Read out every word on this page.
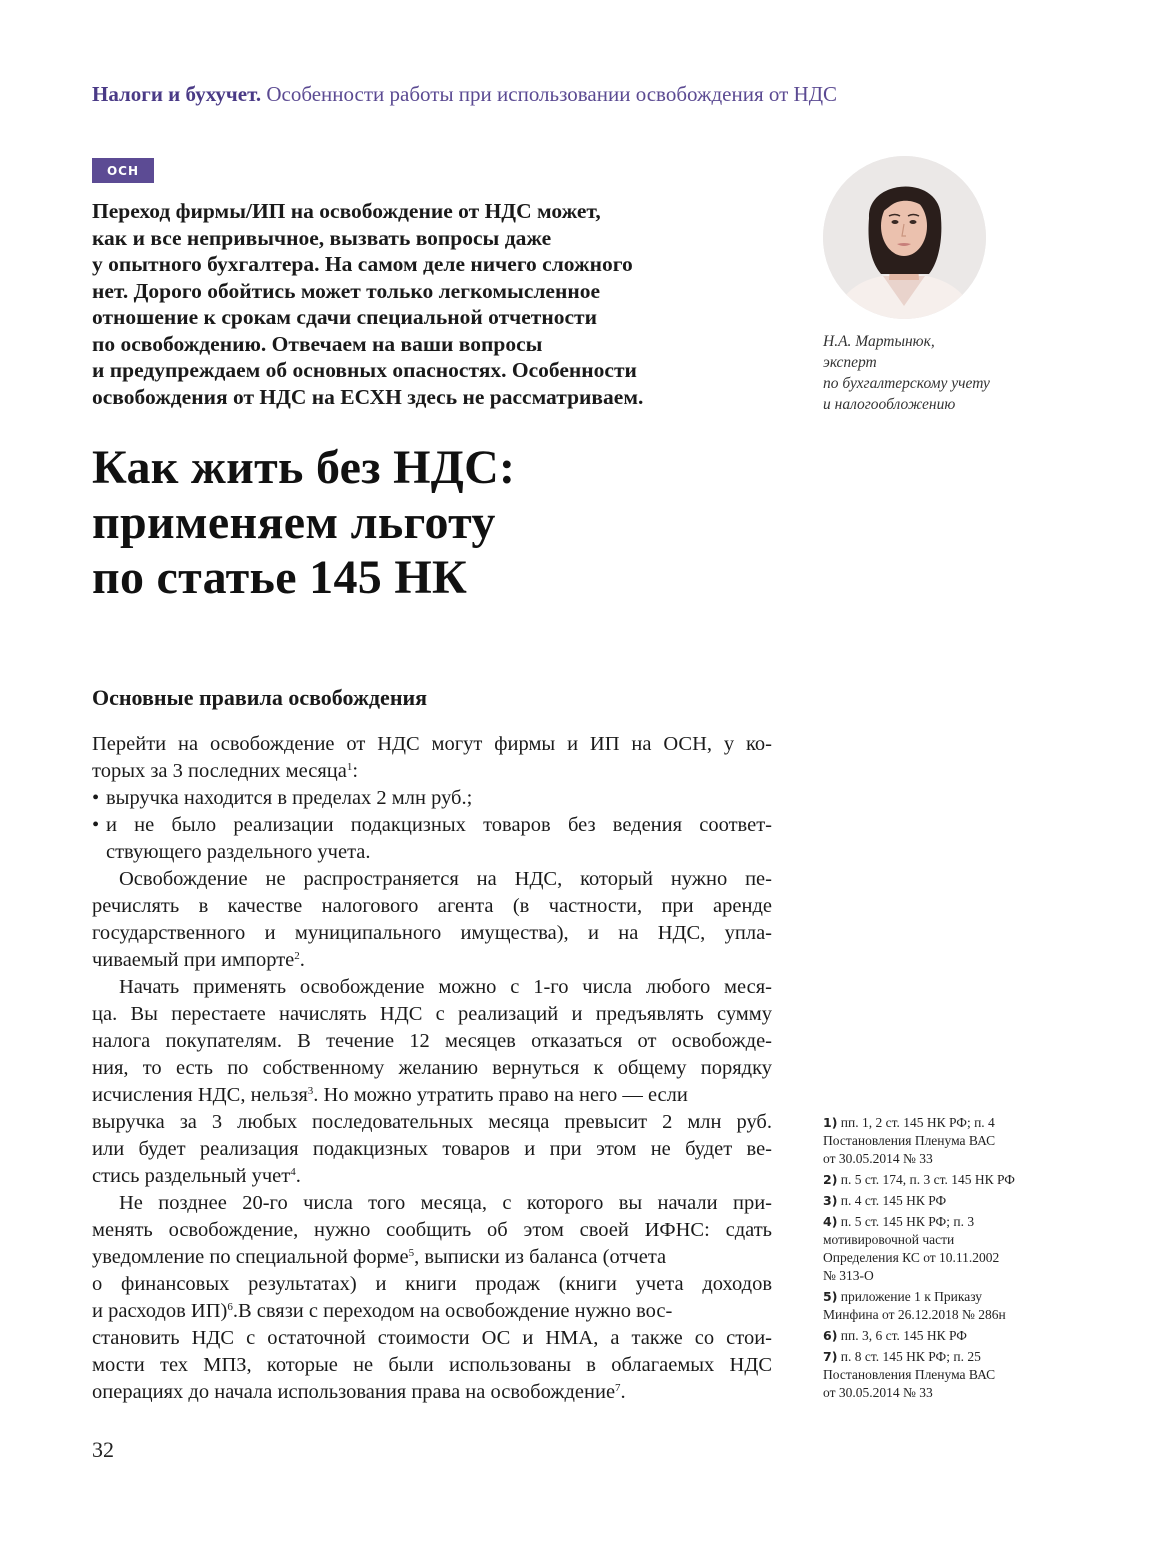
Налоги и бухучет. Особенности работы при использовании освобождения от НДС
ОСН
Переход фирмы/ИП на освобождение от НДС может,
как и все непривычное, вызвать вопросы даже
у опытного бухгалтера. На самом деле ничего сложного
нет. Дорого обойтись может только легкомысленное
отношение к срокам сдачи специальной отчетности
по освобождению. Отвечаем на ваши вопросы
и предупреждаем об основных опасностях. Особенности
освобождения от НДС на ЕСХН здесь не рассматриваем.
Н.А. Мартынюк,
эксперт
по бухгалтерскому учету
и налогообложению
Как жить без НДС:
применяем льготу
по статье 145 НК
Основные правила освобождения
Перейти на освобождение от НДС могут фирмы и ИП на ОСН, у ко-
торых за 3 последних месяца$^1$:
• выручка находится в пределах 2 млн руб.;
• и не было реализации подакцизных товаров без ведения соответ-
ствующего раздельного учета.
Освобождение не распространяется на НДС, который нужно пе-
речислять в качестве налогового агента (в частности, при аренде
государственного и муниципального имущества), и на НДС, упла-
чиваемый при импорте$^2$.
Начать применять освобождение можно с 1-го числа любого меся-
ца. Вы перестаете начислять НДС с реализаций и предъявлять сумму
налога покупателям. В течение 12 месяцев отказаться от освобожде-
ния, то есть по собственному желанию вернуться к общему порядку
исчисления НДС, нельзя$^3$. Но можно утратить право на него — если
выручка за 3 любых последовательных месяца превысит 2 млн руб.
или будет реализация подакцизных товаров и при этом не будет ве-
стись раздельный учет$^4$.
Не позднее 20-го числа того месяца, с которого вы начали при-
менять освобождение, нужно сообщить об этом своей ИФНС: сдать
уведомление по специальной форме$^5$, выписки из баланса (отчета
о финансовых результатах) и книги продаж (книги учета доходов
и расходов ИП)$^6$.В связи с переходом на освобождение нужно вос-
становить НДС с остаточной стоимости ОС и НМА, а также со стои-
мости тех МПЗ, которые не были использованы в облагаемых НДС
операциях до начала использования права на освобождение$^7$.
1) пп. 1, 2 ст. 145 НК РФ; п. 4
Постановления Пленума ВАС
от 30.05.2014 № 33
2) п. 5 ст. 174, п. 3 ст. 145 НК РФ
3) п. 4 ст. 145 НК РФ
4) п. 5 ст. 145 НК РФ; п. 3
мотивировочной части
Определения КС от 10.11.2002
№ 313-О
5) приложение 1 к Приказу
Минфина от 26.12.2018 № 286н
6) пп. 3, 6 ст. 145 НК РФ
7) п. 8 ст. 145 НК РФ; п. 25
Постановления Пленума ВАС
от 30.05.2014 № 33
32
